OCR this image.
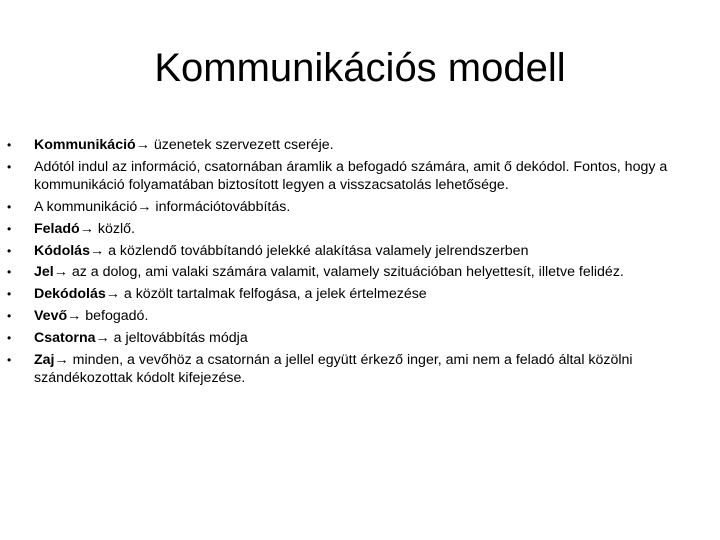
Kommunikációs modell
• Kommunikáció→ üzenetek szervezett cseréje.
• Adótól indul az információ, csatornában áramlik a befogadó számára, amit ő dekódol. Fontos, hogy a kommunikáció folyamatában biztosított legyen a visszacsatolás lehetősége.
• A kommunikáció→ információtovábbítás.
• Feladó→ közlő.
• Kódolás→ a közlendő továbbítandó jelekké alakítása valamely jelrendszerben
• Jel→ az a dolog, ami valaki számára valamit, valamely szituációban helyettesít, illetve felidéz.
• Dekódolás→ a közölt tartalmak felfogása, a jelek értelmezése
• Vevő→ befogadó.
• Csatorna→ a jeltovábbítás módja
• Zaj→ minden, a vevőhöz a csatornán a jellel együtt érkező inger, ami nem a feladó által közölni szándékozottak kódolt kifejezése.
